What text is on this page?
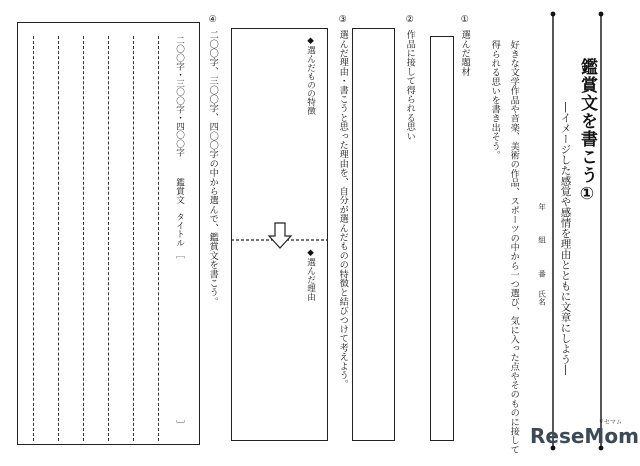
鑑賞文を書こう①
―イメージした感覚や感情を理由とともに文章にしよう―
年
組
番
氏名
好きな文学作品や音楽、美術の作品、スポーツの中から一つ選び、気に入った点やそのものに接して
得られる思いを書き出そう。
①
選んだ題材
②
作品に接して得られる思い
③
選んだ理由・書こうと思った理由を、自分が選んだものの特徴と結びつけて考えよう。
◆選んだものの特徴
◆選んだ理由
④
二〇〇字、三〇〇字、四〇〇字の中から選んで、鑑賞文を書こう。
二〇〇字・三〇〇字・四〇〇字
鑑賞文　タイトル
［
］	ReseMom
リセマム
